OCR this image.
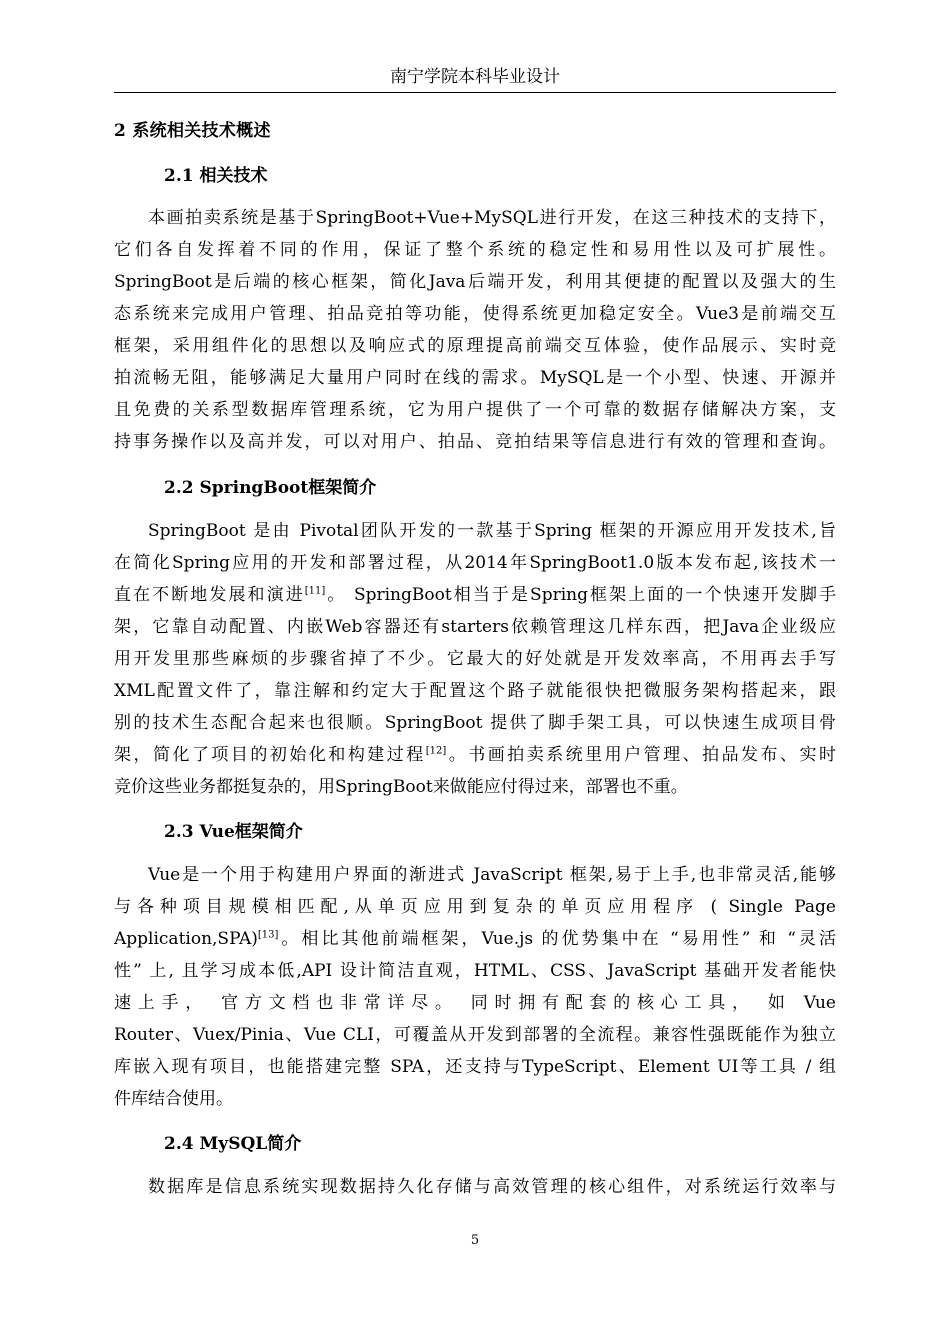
南宁学院本科毕业设计
2 系统相关技术概述
2.1 相关技术
本画拍卖系统是基于SpringBoot+Vue+MySQL进行开发，在这三种技术的支持下，
它们各自发挥着不同的作用，保证了整个系统的稳定性和易用性以及可扩展性。
SpringBoot是后端的核心框架，简化Java后端开发，利用其便捷的配置以及强大的生
态系统来完成用户管理、拍品竞拍等功能，使得系统更加稳定安全。Vue3是前端交互
框架，采用组件化的思想以及响应式的原理提高前端交互体验，使作品展示、实时竞
拍流畅无阻，能够满足大量用户同时在线的需求。MySQL是一个小型、快速、开源并
且免费的关系型数据库管理系统，它为用户提供了一个可靠的数据存储解决方案，支
持事务操作以及高并发，可以对用户、拍品、竞拍结果等信息进行有效的管理和查询。
2.2 SpringBoot框架简介
SpringBoot 是由 Pivotal团队开发的一款基于Spring 框架的开源应用开发技术,旨
在简化Spring应用的开发和部署过程，从2014年SpringBoot1.0版本发布起,该技术一
直在不断地发展和演进[11]。 SpringBoot相当于是Spring框架上面的一个快速开发脚手
架，它靠自动配置、内嵌Web容器还有starters依赖管理这几样东西，把Java企业级应
用开发里那些麻烦的步骤省掉了不少。它最大的好处就是开发效率高，不用再去手写
XML配置文件了，靠注解和约定大于配置这个路子就能很快把微服务架构搭起来，跟
别的技术生态配合起来也很顺。SpringBoot 提供了脚手架工具，可以快速生成项目骨
架，简化了项目的初始化和构建过程[12]。书画拍卖系统里用户管理、拍品发布、实时
竞价这些业务都挺复杂的，用SpringBoot来做能应付得过来，部署也不重。
2.3 Vue框架简介
Vue是一个用于构建用户界面的渐进式 JavaScript 框架,易于上手,也非常灵活,能够
与各种项目规模相匹配,从单页应用到复杂的单页应用程序 ( Single Page
Application,SPA)[13]。相比其他前端框架，Vue.js 的优势集中在 “易用性” 和 “灵活
性” 上, 且学习成本低,API 设计简洁直观，HTML、CSS、JavaScript 基础开发者能快
速上手， 官方文档也非常详尽。 同时拥有配套的核心工具， 如 Vue
Router、Vuex/Pinia、Vue CLI，可覆盖从开发到部署的全流程。兼容性强既能作为独立
库嵌入现有项目，也能搭建完整 SPA，还支持与TypeScript、Element UI等工具 / 组
件库结合使用。
2.4 MySQL简介
数据库是信息系统实现数据持久化存储与高效管理的核心组件，对系统运行效率与
5
